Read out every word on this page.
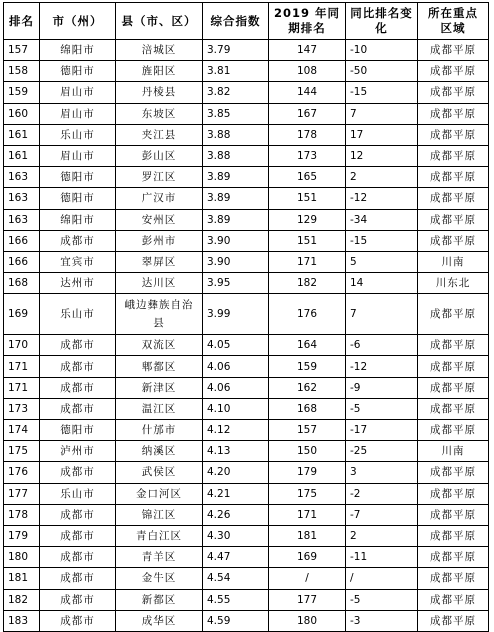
排名	市（州）	县（市、区）	综合指数	2019 年同期排名	同比排名变化	所在重点区域
157	绵阳市	涪城区	3.79	147	-10	成都平原
158	德阳市	旌阳区	3.81	108	-50	成都平原
159	眉山市	丹棱县	3.82	144	-15	成都平原
160	眉山市	东坡区	3.85	167	7	成都平原
161	乐山市	夹江县	3.88	178	17	成都平原
161	眉山市	彭山区	3.88	173	12	成都平原
163	德阳市	罗江区	3.89	165	2	成都平原
163	德阳市	广汉市	3.89	151	-12	成都平原
163	绵阳市	安州区	3.89	129	-34	成都平原
166	成都市	彭州市	3.90	151	-15	成都平原
166	宜宾市	翠屏区	3.90	171	5	川南
168	达州市	达川区	3.95	182	14	川东北
169	乐山市	峨边彝族自治县	3.99	176	7	成都平原
170	成都市	双流区	4.05	164	-6	成都平原
171	成都市	郫都区	4.06	159	-12	成都平原
171	成都市	新津区	4.06	162	-9	成都平原
173	成都市	温江区	4.10	168	-5	成都平原
174	德阳市	什邡市	4.12	157	-17	成都平原
175	泸州市	纳溪区	4.13	150	-25	川南
176	成都市	武侯区	4.20	179	3	成都平原
177	乐山市	金口河区	4.21	175	-2	成都平原
178	成都市	锦江区	4.26	171	-7	成都平原
179	成都市	青白江区	4.30	181	2	成都平原
180	成都市	青羊区	4.47	169	-11	成都平原
181	成都市	金牛区	4.54	/	/	成都平原
182	成都市	新都区	4.55	177	-5	成都平原
183	成都市	成华区	4.59	180	-3	成都平原
